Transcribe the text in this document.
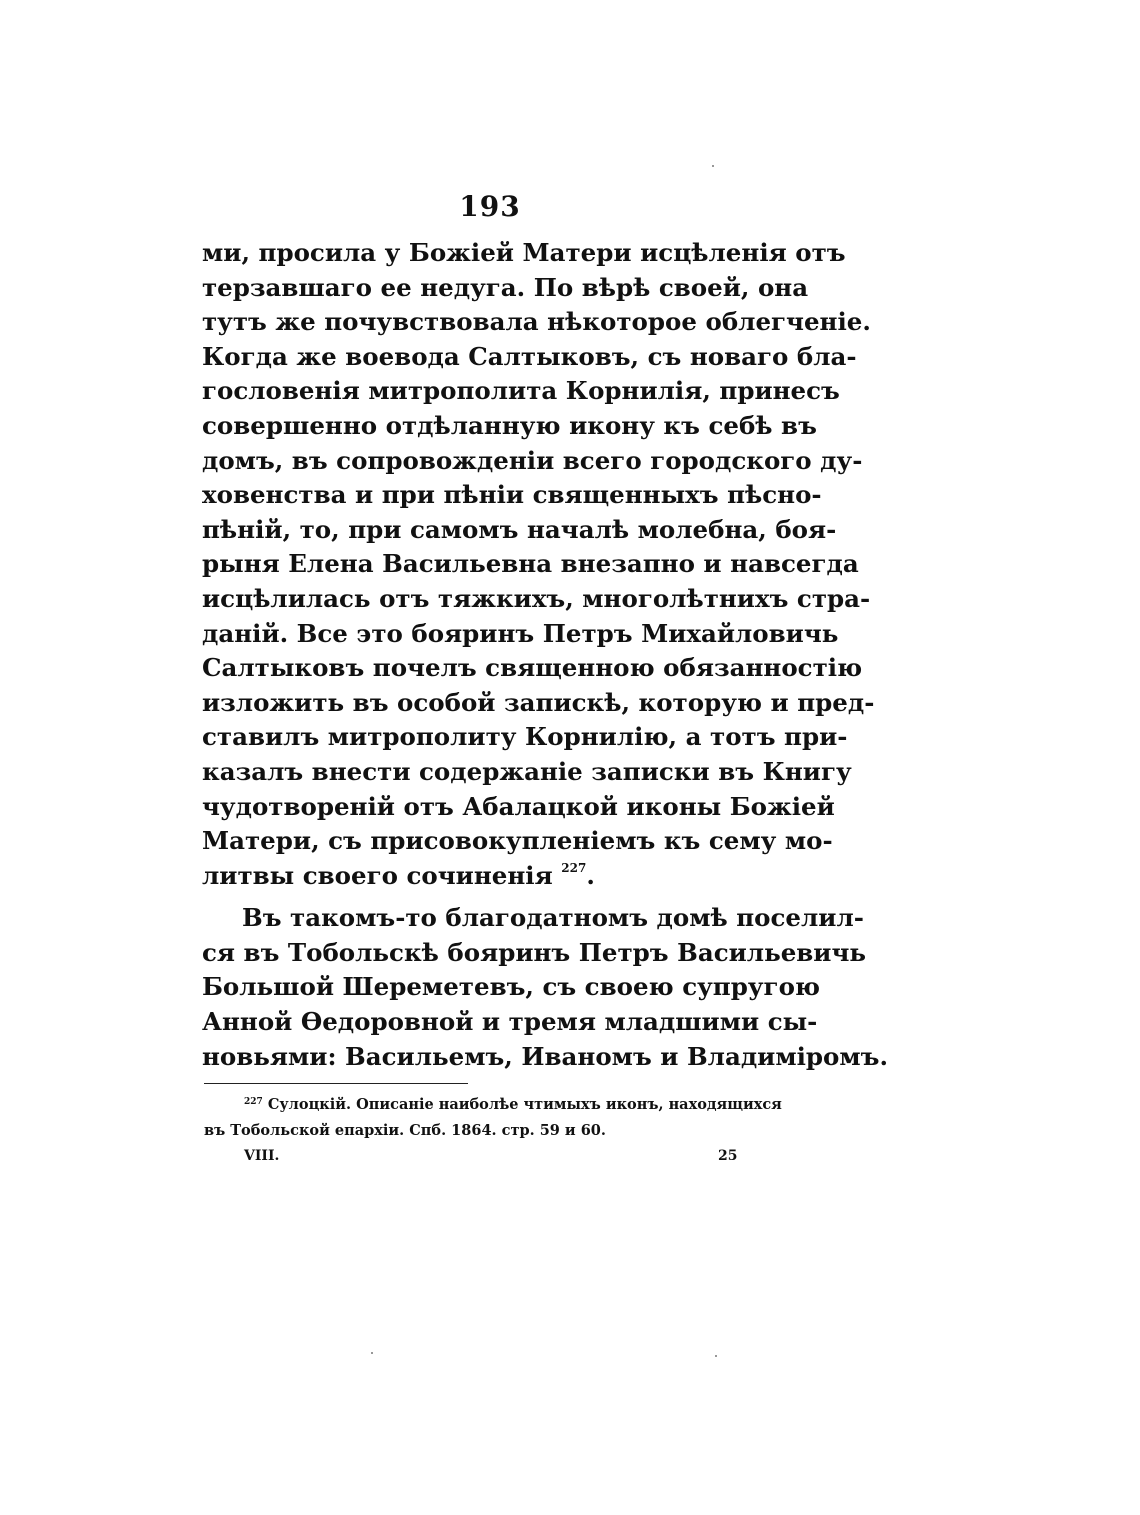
193
ми, просила у Божiей Матери исцѣленiя отъ
терзавшаго ее недуга. По вѣрѣ своей, она
тутъ же почувствовала нѣкоторое облегченiе.
Когда же воевода Салтыковъ, съ новаго бла-
гословенiя митрополита Корнилiя, принесъ
совершенно отдѣланную икону къ себѣ въ
домъ, въ сопровожденiи всего городского ду-
ховенства и при пѣнiи священныхъ пѣсно-
пѣнiй, то, при самомъ началѣ молебна, боя-
рыня Елена Васильевна внезапно и навсегда
исцѣлилась отъ тяжкихъ, многолѣтнихъ стра-
данiй. Все это бояринъ Петръ Михайловичь
Салтыковъ почелъ священною обязанностiю
изложить въ особой запискѣ, которую и пред-
ставилъ митрополиту Корнилiю, а тотъ при-
казалъ внести содержанiе записки въ Книгу
чудотворенiй отъ Абалацкой иконы Божiей
Матери, съ присовокупленiемъ къ сему мо-
литвы своего сочиненiя $^{227}$.
Въ такомъ-то благодатномъ домѣ поселил-
ся въ Тобольскѣ бояринъ Петръ Васильевичь
Большой Шереметевъ, съ своею супругою
Анной Өедоровной и тремя младшими сы-
новьями: Васильемъ, Иваномъ и Владимiромъ.
$^{227}$ Сулоцкiй. Описанiе наиболѣе чтимыхъ иконъ, находящихся
въ Тобольской епархiи. Спб. 1864. стр. 59 и 60.
VIII.	25
